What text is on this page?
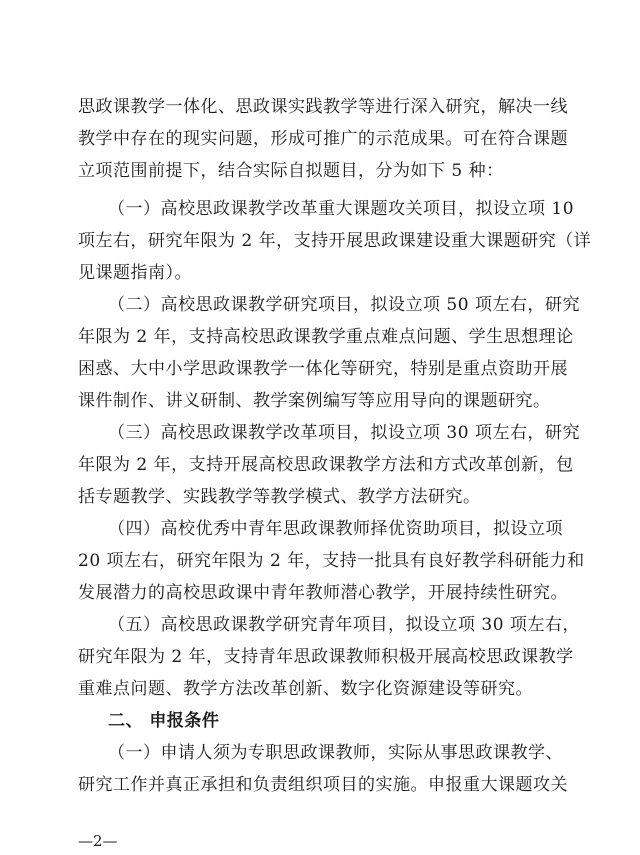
思政课教学一体化、思政课实践教学等进行深入研究，解决一线
教学中存在的现实问题，形成可推广的示范成果。可在符合课题
立项范围前提下，结合实际自拟题目，分为如下 5 种：
（一）高校思政课教学改革重大课题攻关项目，拟设立项 10
项左右，研究年限为 2 年，支持开展思政课建设重大课题研究（详
见课题指南）。
（二）高校思政课教学研究项目，拟设立项 50 项左右，研究
年限为 2 年，支持高校思政课教学重点难点问题、学生思想理论
困惑、大中小学思政课教学一体化等研究，特别是重点资助开展
课件制作、讲义研制、教学案例编写等应用导向的课题研究。
（三）高校思政课教学改革项目，拟设立项 30 项左右，研究
年限为 2 年，支持开展高校思政课教学方法和方式改革创新，包
括专题教学、实践教学等教学模式、教学方法研究。
（四）高校优秀中青年思政课教师择优资助项目，拟设立项
20 项左右，研究年限为 2 年，支持一批具有良好教学科研能力和
发展潜力的高校思政课中青年教师潜心教学，开展持续性研究。
（五）高校思政课教学研究青年项目，拟设立项 30 项左右，
研究年限为 2 年，支持青年思政课教师积极开展高校思政课教学
重难点问题、教学方法改革创新、数字化资源建设等研究。
二、 申报条件
（一）申请人须为专职思政课教师，实际从事思政课教学、
研究工作并真正承担和负责组织项目的实施。申报重大课题攻关
—2—
